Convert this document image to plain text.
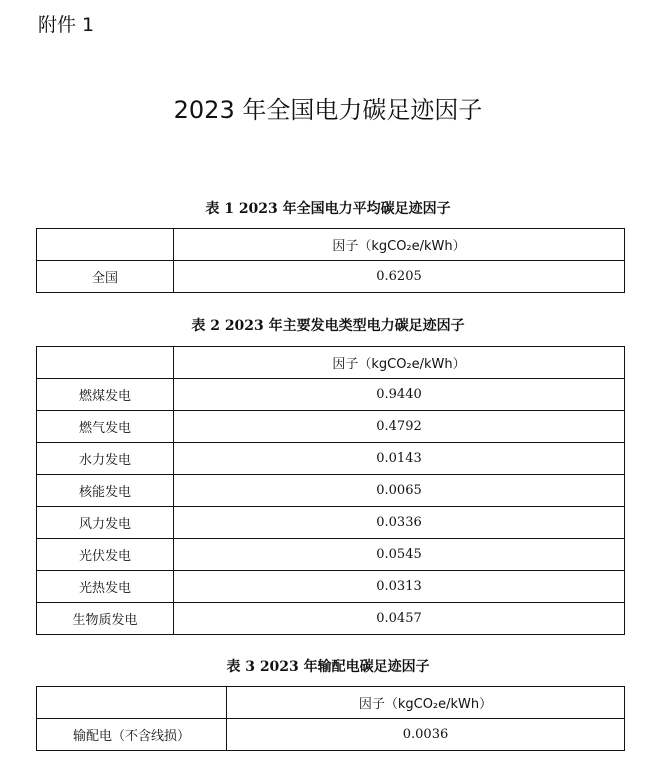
附件 1
2023 年全国电力碳足迹因子
表 1 2023 年全国电力平均碳足迹因子
	因子（kgCO₂e/kWh）
全国	0.6205
表 2 2023 年主要发电类型电力碳足迹因子
	因子（kgCO₂e/kWh）
燃煤发电	0.9440
燃气发电	0.4792
水力发电	0.0143
核能发电	0.0065
风力发电	0.0336
光伏发电	0.0545
光热发电	0.0313
生物质发电	0.0457
表 3 2023 年输配电碳足迹因子
	因子（kgCO₂e/kWh）
输配电（不含线损）	0.0036
